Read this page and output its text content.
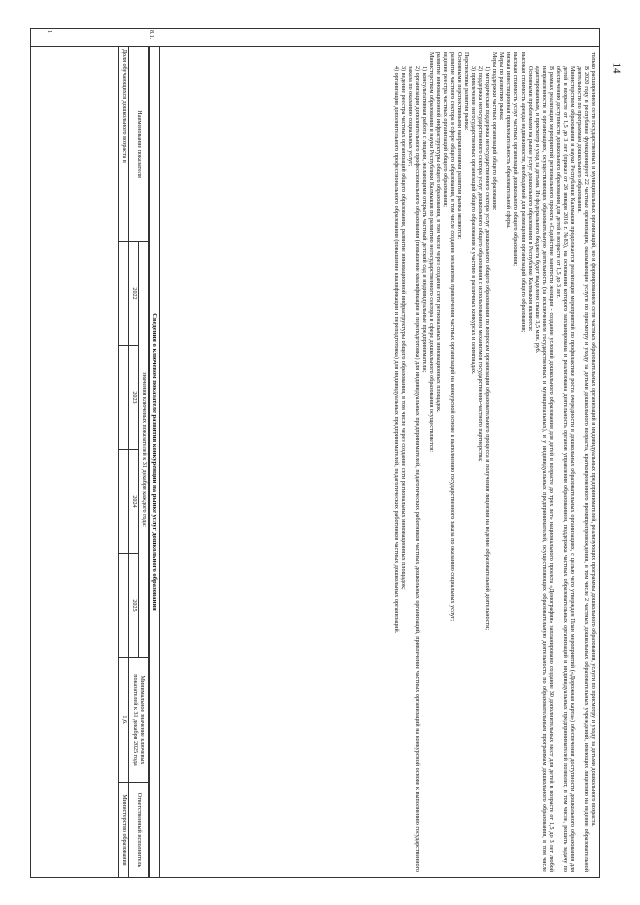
14
8.1.
1

только расширением сети государственных и муниципальных организаций, но и формированием сети частных образовательных организаций и индивидуальных предпринимателей, реализующих программы дошкольного образования, услуги по присмотру и уходу за детьми дошкольного возраста.

В 2020 году в республике функционирует 22 частные организации, оказывающие услуги по присмотру и уходу за детьми дошкольного возраста, кратковременного времяпрепровождения, в том числе 2 частных дошкольных образовательных учреждений, имеющих лицензию на ведение образовательной деятельности по программам дошкольного образования.

Министерством образования и науки Республики Калмыкия продолжается реализация мероприятий по профилактике роста очередности в дошкольных образовательных организациях, с целью чего утвержден План мероприятий («Дорожная карта») обеспечения доступности дошкольного образования для детей в возрасте от 1,5 до 3 лет (приказ от 26 января 2016 г. №83), на основании которого запланирована и реализована деятельность органов управления образованием, поддержка частных образовательных организаций и индивидуальных предпринимателей позволит, в том числе, решить задачу по обеспечению доступности дошкольного образования для детей в возрасте от 1,5 до 3 лет.

В рамках реализации мероприятий регионального проекта «Содействие занятости женщин - создание условий дошкольного образования для детей в возрасте до трех лет» национального проекта «Демография» запланировано создание 30 дополнительных мест для детей в возрасте от 1,5 до 3 лет любой направленности в организациях, осуществляющих образовательную деятельность (за исключением государственных и муниципальных), и у индивидуальных предпринимателей, осуществляющих образовательную деятельность по образовательным программам дошкольного образования, в том числе адаптированным, и присмотр и уход за детьми. Из федерального бюджета будет выделено свыше 3,5 млн. руб.

Основными проблемами на рынке услуг дошкольного образования в Республике Калмыкия являются:

высокая стоимость аренды недвижимости, необходимой для размещения организаций общего образования;

высокая стоимость услуг частных организаций дошкольного общего образования;

низкая инвестиционная привлекательность образовательной сферы.

Меры по развитию рынка:

Меры поддержки частных организаций общего образования:

1) методическая поддержка негосударственного сектора услуг дошкольного общего образования по вопросам организации образовательного процесса и получения лицензии на ведение образовательной деятельности;

2) поддержка негосударственного сектора услуг дошкольного общего образования с использованием механизмов государственно-частного партнерства;

3) привлечение негосударственных организаций общего образования к участию в различных конкурсах и олимпиадах.

Перспективы развития рынка:

Основными перспективными направлениями развития рынка являются:

развитие частного сектора в сфере общего образования, в том числе создание механизма привлечения частных организаций на конкурсной основе к выполнению государственного заказа по оказанию социальных услуг;

ведение реестра частных организаций общего образования;

развитие инновационной инфраструктуры общего образования, в том числе через создание сети региональных инновационных площадок.

Министерством образования и науки Республики Калмыкия по развитию негосударственного сектора в сфере дошкольного образования осуществляется:

1) консультативная работа с лицами, желающими открыть частный детский сад и индивидуальные предприниматели;

2) организация дополнительного профессионального образования (повышение квалификации и переподготовка) для индивидуальных предпринимателей, педагогических работников частных дошкольных организаций, привлечение частных организаций на конкурсной основе к выполнению государственного заказа по оказанию социальных услуг;

3) ведение реестра частных организаций общего образования, развитие инновационной инфраструктуры общего образования, в том числе через создание сети региональных инновационных площадок;

4) организация дополнительного профессионального образования (повышение квалификации и переподготовка) для индивидуальных предпринимателей, педагогических работников частных дошкольных организаций.

Сведения о ключевом показателе развития конкуренции на рынке услуг дошкольного образования
Наименование показателя	значения ключевых показателей к 31 декабря каждого года:				Минимальное значение ключевых показателей к 31 декабря 2025 года	Ответственный исполнитель
	2022	2023	2024	2025		
Доля обучающихся дошкольного возраста в					1,6.	Министерство образования
